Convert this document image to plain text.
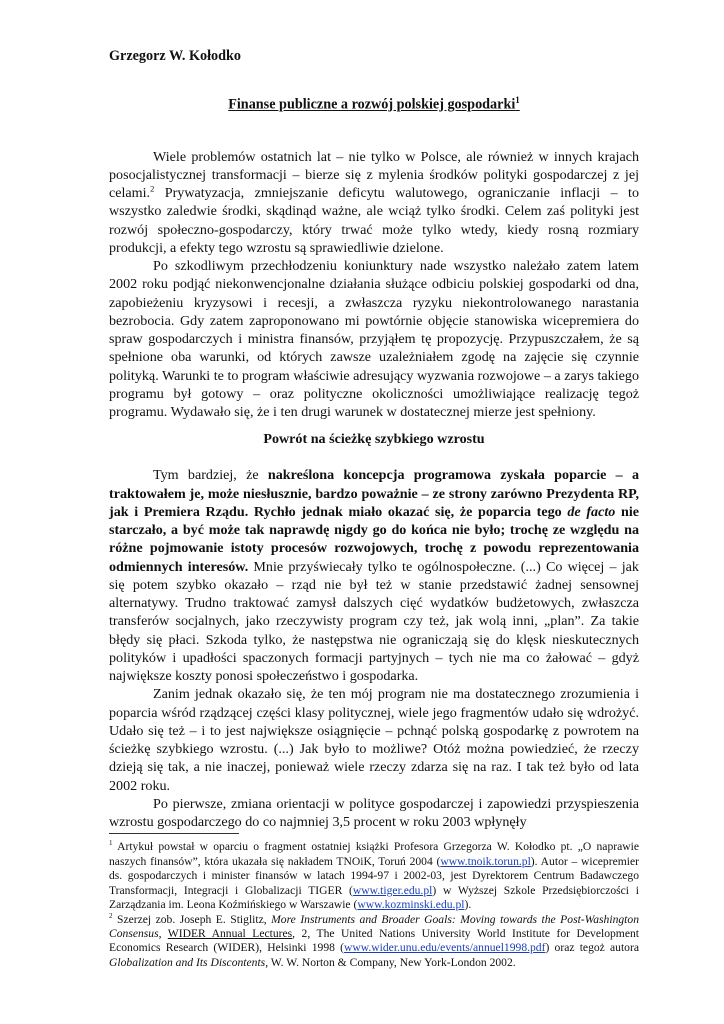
Grzegorz W. Kołodko
Finanse publiczne a rozwój polskiej gospodarki$^1$

Wiele problemów ostatnich lat – nie tylko w Polsce, ale również w innych krajach posocjalistycznej transformacji – bierze się z mylenia środków polityki gospodarczej z jej celami.$^2$ Prywatyzacja, zmniejszanie deficytu walutowego, ograniczanie inflacji – to wszystko zaledwie środki, skądinąd ważne, ale wciąż tylko środki. Celem zaś polityki jest rozwój społeczno-gospodarczy, który trwać może tylko wtedy, kiedy rosną rozmiary produkcji, a efekty tego wzrostu są sprawiedliwie dzielone.

Po szkodliwym przechłodzeniu koniunktury nade wszystko należało zatem latem 2002 roku podjąć niekonwencjonalne działania służące odbiciu polskiej gospodarki od dna, zapobieżeniu kryzysowi i recesji, a zwłaszcza ryzyku niekontrolowanego narastania bezrobocia. Gdy zatem zaproponowano mi powtórnie objęcie stanowiska wicepremiera do spraw gospodarczych i ministra finansów, przyjąłem tę propozycję. Przypuszczałem, że są spełnione oba warunki, od których zawsze uzależniałem zgodę na zajęcie się czynnie polityką. Warunki te to program właściwie adresujący wyzwania rozwojowe – a zarys takiego programu był gotowy – oraz polityczne okoliczności umożliwiające realizację tegoż programu. Wydawało się, że i ten drugi warunek w dostatecznej mierze jest spełniony.

Powrót na ścieżkę szybkiego wzrostu

Tym bardziej, że nakreślona koncepcja programowa zyskała poparcie – a traktowałem je, może niesłusznie, bardzo poważnie – ze strony zarówno Prezydenta RP, jak i Premiera Rządu. Rychło jednak miało okazać się, że poparcia tego de facto nie starczało, a być może tak naprawdę nigdy go do końca nie było; trochę ze względu na różne pojmowanie istoty procesów rozwojowych, trochę z powodu reprezentowania odmiennych interesów. Mnie przyświecały tylko te ogólnospołeczne. (...) Co więcej – jak się potem szybko okazało – rząd nie był też w stanie przedstawić żadnej sensownej alternatywy. Trudno traktować zamysł dalszych cięć wydatków budżetowych, zwłaszcza transferów socjalnych, jako rzeczywisty program czy też, jak wolą inni, „plan”. Za takie błędy się płaci. Szkoda tylko, że następstwa nie ograniczają się do klęsk nieskutecznych polityków i upadłości spaczonych formacji partyjnych – tych nie ma co żałować – gdyż największe koszty ponosi społeczeństwo i gospodarka.

Zanim jednak okazało się, że ten mój program nie ma dostatecznego zrozumienia i poparcia wśród rządzącej części klasy politycznej, wiele jego fragmentów udało się wdrożyć. Udało się też – i to jest największe osiągnięcie – pchnąć polską gospodarkę z powrotem na ścieżkę szybkiego wzrostu. (...) Jak było to możliwe? Otóż można powiedzieć, że rzeczy dzieją się tak, a nie inaczej, ponieważ wiele rzeczy zdarza się na raz. I tak też było od lata 2002 roku.

Po pierwsze, zmiana orientacji w polityce gospodarczej i zapowiedzi przyspieszenia wzrostu gospodarczego do co najmniej 3,5 procent w roku 2003 wpłynęły

$^1$ Artykuł powstał w oparciu o fragment ostatniej książki Profesora Grzegorza W. Kołodko pt. „O naprawie naszych finansów”, która ukazała się nakładem TNOiK, Toruń 2004 (www.tnoik.torun.pl). Autor – wicepremier ds. gospodarczych i minister finansów w latach 1994-97 i 2002-03, jest Dyrektorem Centrum Badawczego Transformacji, Integracji i Globalizacji TIGER (www.tiger.edu.pl) w Wyższej Szkole Przedsiębiorczości i Zarządzania im. Leona Koźmińskiego w Warszawie (www.kozminski.edu.pl).

$^2$ Szerzej zob. Joseph E. Stiglitz, More Instruments and Broader Goals: Moving towards the Post-Washington Consensus, WIDER Annual Lectures, 2, The United Nations University World Institute for Development Economics Research (WIDER), Helsinki 1998 (www.wider.unu.edu/events/annuel1998.pdf) oraz tegoż autora Globalization and Its Discontents, W. W. Norton & Company, New York-London 2002.
